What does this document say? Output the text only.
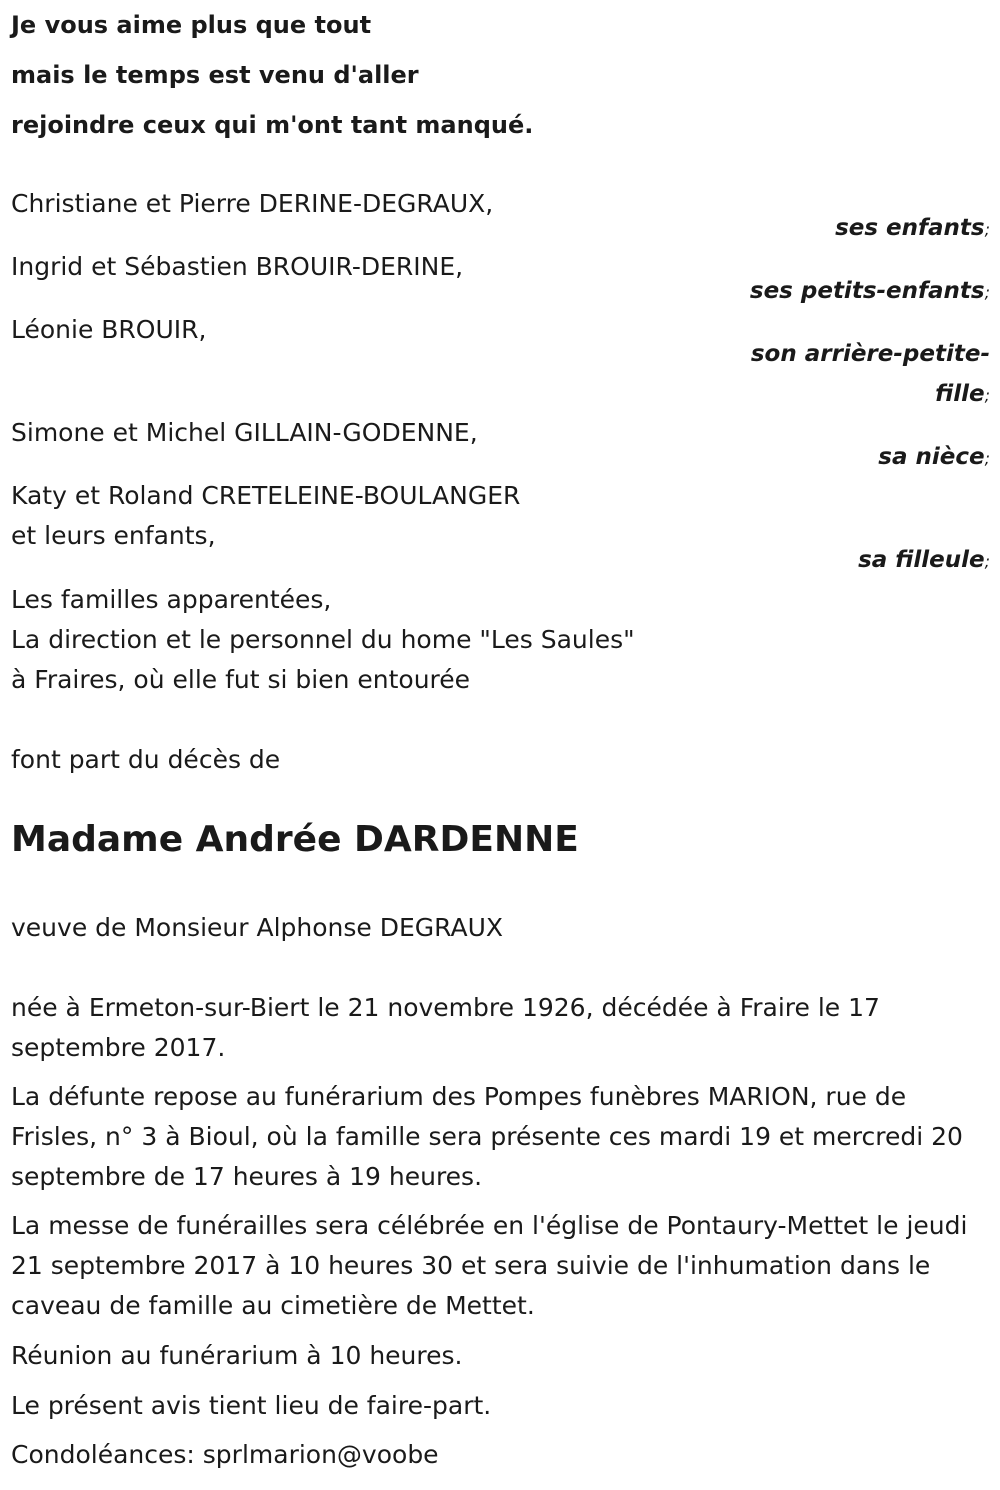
Je vous aime plus que tout

mais le temps est venu d'aller

rejoindre ceux qui m'ont tant manqué.

Christiane et Pierre DERINE-DEGRAUX,

Ingrid et Sébastien BROUIR-DERINE,

Léonie BROUIR,

Simone et Michel GILLAIN-GODENNE,

Katy et Roland CRETELEINE-BOULANGER

et leurs enfants,

ses enfants;
ses petits-enfants;
son arrière-petite-
fille;
sa nièce;
sa filleule;

Les familles apparentées,

La direction et le personnel du home "Les Saules"

à Fraires, où elle fut si bien entourée

font part du décès de

Madame Andrée DARDENNE

veuve de Monsieur Alphonse DEGRAUX

née à Ermeton-sur-Biert le 21 novembre 1926, décédée à Fraire le 17 septembre 2017.

La défunte repose au funérarium des Pompes funèbres MARION, rue de Frisles, n° 3 à Bioul, où la famille sera présente ces mardi 19 et mercredi 20 septembre de 17 heures à 19 heures.

La messe de funérailles sera célébrée en l'église de Pontaury-Mettet le jeudi 21 septembre 2017 à 10 heures 30 et sera suivie de l'inhumation dans le caveau de famille au cimetière de Mettet.

Réunion au funérarium à 10 heures.

Le présent avis tient lieu de faire-part.

Condoléances: sprlmarion@voobe
